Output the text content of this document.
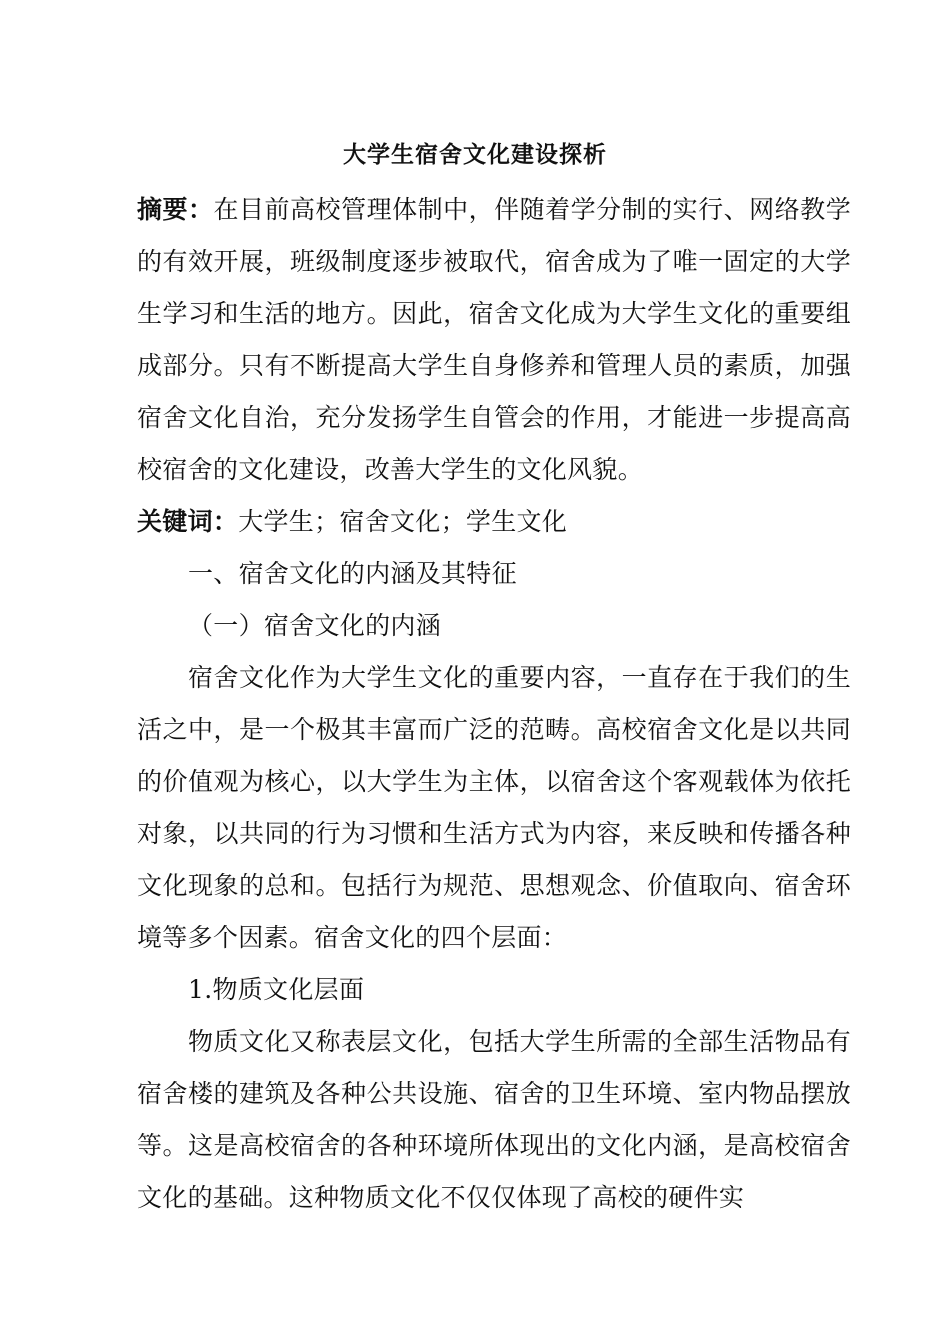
大学生宿舍文化建设探析

摘要：在目前高校管理体制中，伴随着学分制的实行、网络教学的有效开展，班级制度逐步被取代，宿舍成为了唯一固定的大学生学习和生活的地方。因此，宿舍文化成为大学生文化的重要组成部分。只有不断提高大学生自身修养和管理人员的素质，加强宿舍文化自治，充分发扬学生自管会的作用，才能进一步提高高校宿舍的文化建设，改善大学生的文化风貌。

关键词：大学生；宿舍文化；学生文化

一、宿舍文化的内涵及其特征

（一）宿舍文化的内涵

宿舍文化作为大学生文化的重要内容，一直存在于我们的生活之中，是一个极其丰富而广泛的范畴。高校宿舍文化是以共同的价值观为核心，以大学生为主体，以宿舍这个客观载体为依托对象，以共同的行为习惯和生活方式为内容，来反映和传播各种文化现象的总和。包括行为规范、思想观念、价值取向、宿舍环境等多个因素。宿舍文化的四个层面：

1.物质文化层面

物质文化又称表层文化，包括大学生所需的全部生活物品有宿舍楼的建筑及各种公共设施、宿舍的卫生环境、室内物品摆放等。这是高校宿舍的各种环境所体现出的文化内涵，是高校宿舍文化的基础。这种物质文化不仅仅体现了高校的硬件实
